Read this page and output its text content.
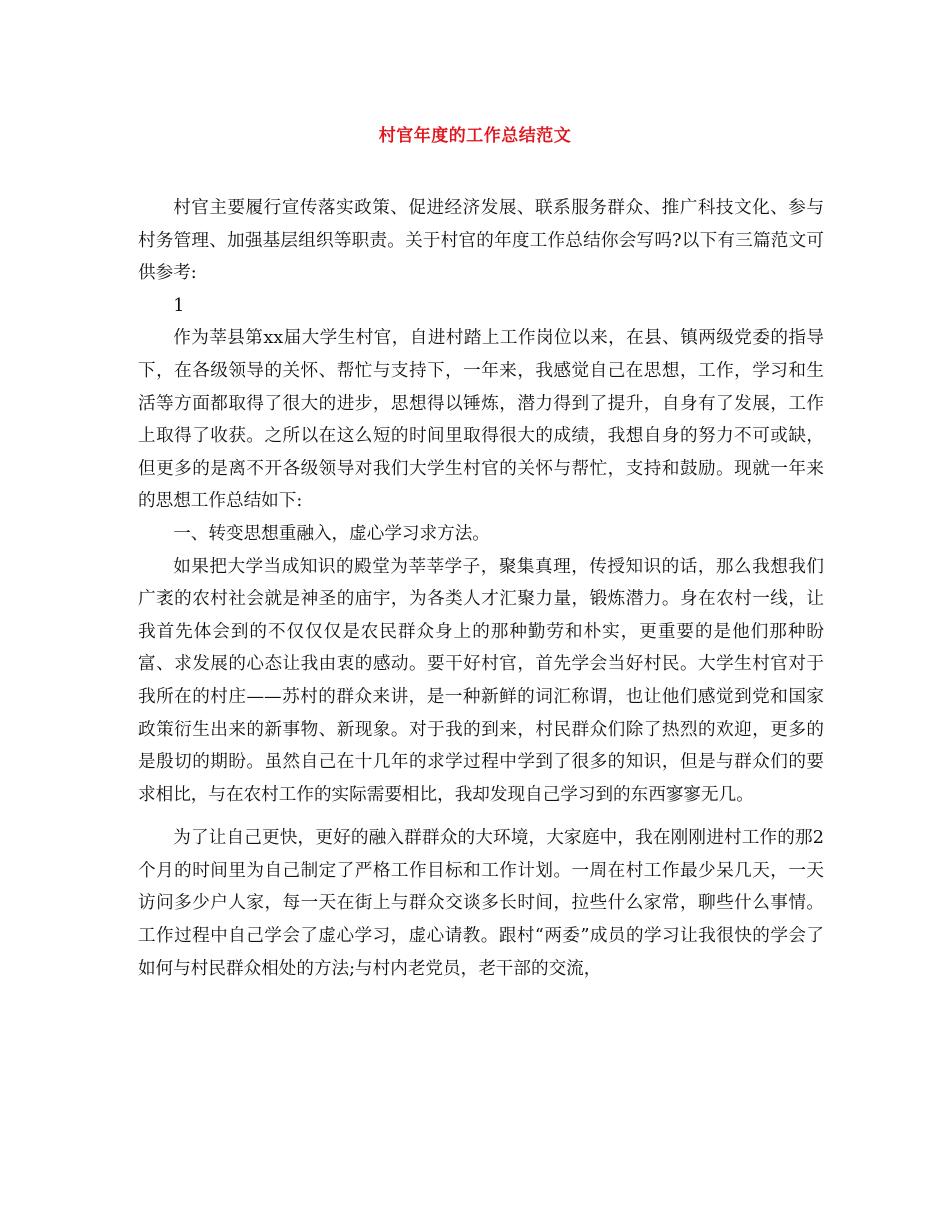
村官年度的工作总结范文

村官主要履行宣传落实政策、促进经济发展、联系服务群众、推广科技文化、参与村务管理、加强基层组织等职责。关于村官的年度工作总结你会写吗?以下有三篇范文可供参考:

1

作为莘县第xx届大学生村官，自进村踏上工作岗位以来，在县、镇两级党委的指导下，在各级领导的关怀、帮忙与支持下，一年来，我感觉自己在思想，工作，学习和生活等方面都取得了很大的进步，思想得以锤炼，潜力得到了提升，自身有了发展，工作上取得了收获。之所以在这么短的时间里取得很大的成绩，我想自身的努力不可或缺，但更多的是离不开各级领导对我们大学生村官的关怀与帮忙，支持和鼓励。现就一年来的思想工作总结如下:

一、转变思想重融入，虚心学习求方法。

如果把大学当成知识的殿堂为莘莘学子，聚集真理，传授知识的话，那么我想我们广袤的农村社会就是神圣的庙宇，为各类人才汇聚力量，锻炼潜力。身在农村一线，让我首先体会到的不仅仅仅是农民群众身上的那种勤劳和朴实，更重要的是他们那种盼富、求发展的心态让我由衷的感动。要干好村官，首先学会当好村民。大学生村官对于我所在的村庄——苏村的群众来讲，是一种新鲜的词汇称谓，也让他们感觉到党和国家政策衍生出来的新事物、新现象。对于我的到来，村民群众们除了热烈的欢迎，更多的是殷切的期盼。虽然自己在十几年的求学过程中学到了很多的知识，但是与群众们的要求相比，与在农村工作的实际需要相比，我却发现自己学习到的东西寥寥无几。

为了让自己更快，更好的融入群群众的大环境，大家庭中，我在刚刚进村工作的那2个月的时间里为自己制定了严格工作目标和工作计划。一周在村工作最少呆几天，一天访问多少户人家，每一天在街上与群众交谈多长时间，拉些什么家常，聊些什么事情。工作过程中自己学会了虚心学习，虚心请教。跟村“两委”成员的学习让我很快的学会了如何与村民群众相处的方法;与村内老党员，老干部的交流，
